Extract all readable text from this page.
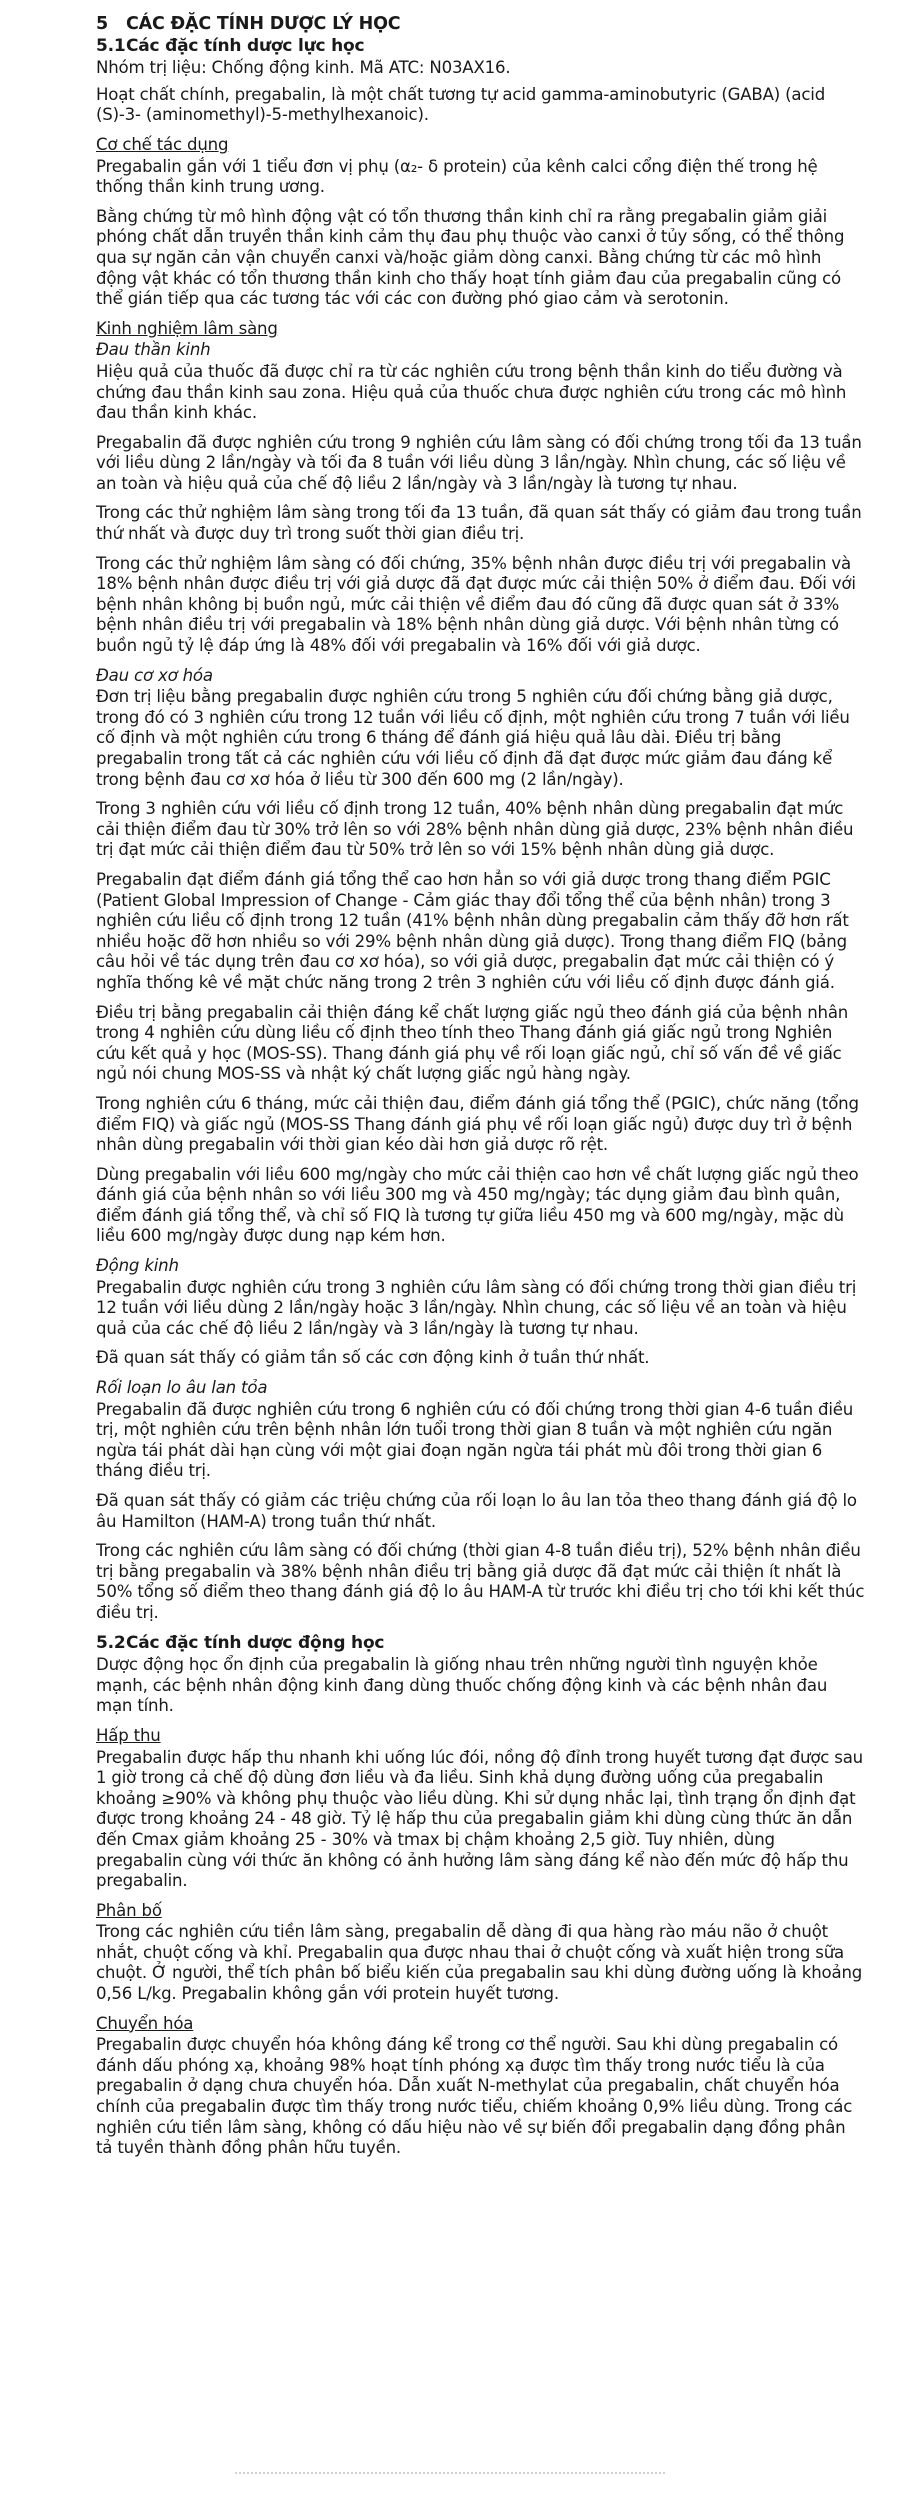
5 CÁC ĐẶC TÍNH DƯỢC LÝ HỌC
5.1Các đặc tính dược lực học
Nhóm trị liệu: Chống động kinh. Mã ATC: N03AX16.
Hoạt chất chính, pregabalin, là một chất tương tự acid gamma-aminobutyric (GABA) (acid (S)-3- (aminomethyl)-5-methylhexanoic).
Cơ chế tác dụng
Pregabalin gắn với 1 tiểu đơn vị phụ (α₂- δ protein) của kênh calci cổng điện thế trong hệ thống thần kinh trung ương.
Bằng chứng từ mô hình động vật có tổn thương thần kinh chỉ ra rằng pregabalin giảm giải phóng chất dẫn truyền thần kinh cảm thụ đau phụ thuộc vào canxi ở tủy sống, có thể thông qua sự ngăn cản vận chuyển canxi và/hoặc giảm dòng canxi. Bằng chứng từ các mô hình động vật khác có tổn thương thần kinh cho thấy hoạt tính giảm đau của pregabalin cũng có thể gián tiếp qua các tương tác với các con đường phó giao cảm và serotonin.
Kinh nghiệm lâm sàng
Đau thần kinh
Hiệu quả của thuốc đã được chỉ ra từ các nghiên cứu trong bệnh thần kinh do tiểu đường và chứng đau thần kinh sau zona. Hiệu quả của thuốc chưa được nghiên cứu trong các mô hình đau thần kinh khác.
Pregabalin đã được nghiên cứu trong 9 nghiên cứu lâm sàng có đối chứng trong tối đa 13 tuần với liều dùng 2 lần/ngày và tối đa 8 tuần với liều dùng 3 lần/ngày. Nhìn chung, các số liệu về an toàn và hiệu quả của chế độ liều 2 lần/ngày và 3 lần/ngày là tương tự nhau.
Trong các thử nghiệm lâm sàng trong tối đa 13 tuần, đã quan sát thấy có giảm đau trong tuần thứ nhất và được duy trì trong suốt thời gian điều trị.
Trong các thử nghiệm lâm sàng có đối chứng, 35% bệnh nhân được điều trị với pregabalin và 18% bệnh nhân được điều trị với giả dược đã đạt được mức cải thiện 50% ở điểm đau. Đối với bệnh nhân không bị buồn ngủ, mức cải thiện về điểm đau đó cũng đã được quan sát ở 33% bệnh nhân điều trị với pregabalin và 18% bệnh nhân dùng giả dược. Với bệnh nhân từng có buồn ngủ tỷ lệ đáp ứng là 48% đối với pregabalin và 16% đối với giả dược.
Đau cơ xơ hóa
Đơn trị liệu bằng pregabalin được nghiên cứu trong 5 nghiên cứu đối chứng bằng giả dược, trong đó có 3 nghiên cứu trong 12 tuần với liều cố định, một nghiên cứu trong 7 tuần với liều cố định và một nghiên cứu trong 6 tháng để đánh giá hiệu quả lâu dài. Điều trị bằng pregabalin trong tất cả các nghiên cứu với liều cố định đã đạt được mức giảm đau đáng kể trong bệnh đau cơ xơ hóa ở liều từ 300 đến 600 mg (2 lần/ngày).
Trong 3 nghiên cứu với liều cố định trong 12 tuần, 40% bệnh nhân dùng pregabalin đạt mức cải thiện điểm đau từ 30% trở lên so với 28% bệnh nhân dùng giả dược, 23% bệnh nhân điều trị đạt mức cải thiện điểm đau từ 50% trở lên so với 15% bệnh nhân dùng giả dược.
Pregabalin đạt điểm đánh giá tổng thể cao hơn hẳn so với giả dược trong thang điểm PGIC (Patient Global Impression of Change - Cảm giác thay đổi tổng thể của bệnh nhân) trong 3 nghiên cứu liều cố định trong 12 tuần (41% bệnh nhân dùng pregabalin cảm thấy đỡ hơn rất nhiều hoặc đỡ hơn nhiều so với 29% bệnh nhân dùng giả dược). Trong thang điểm FIQ (bảng câu hỏi về tác dụng trên đau cơ xơ hóa), so với giả dược, pregabalin đạt mức cải thiện có ý nghĩa thống kê về mặt chức năng trong 2 trên 3 nghiên cứu với liều cố định được đánh giá.
Điều trị bằng pregabalin cải thiện đáng kể chất lượng giấc ngủ theo đánh giá của bệnh nhân trong 4 nghiên cứu dùng liều cố định theo tính theo Thang đánh giá giấc ngủ trong Nghiên cứu kết quả y học (MOS-SS). Thang đánh giá phụ về rối loạn giấc ngủ, chỉ số vấn đề về giấc ngủ nói chung MOS-SS và nhật ký chất lượng giấc ngủ hàng ngày.
Trong nghiên cứu 6 tháng, mức cải thiện đau, điểm đánh giá tổng thể (PGIC), chức năng (tổng điểm FIQ) và giấc ngủ (MOS-SS Thang đánh giá phụ về rối loạn giấc ngủ) được duy trì ở bệnh nhân dùng pregabalin với thời gian kéo dài hơn giả dược rõ rệt.
Dùng pregabalin với liều 600 mg/ngày cho mức cải thiện cao hơn về chất lượng giấc ngủ theo đánh giá của bệnh nhân so với liều 300 mg và 450 mg/ngày; tác dụng giảm đau bình quân, điểm đánh giá tổng thể, và chỉ số FIQ là tương tự giữa liều 450 mg và 600 mg/ngày, mặc dù liều 600 mg/ngày được dung nạp kém hơn.
Động kinh
Pregabalin được nghiên cứu trong 3 nghiên cứu lâm sàng có đối chứng trong thời gian điều trị 12 tuần với liều dùng 2 lần/ngày hoặc 3 lần/ngày. Nhìn chung, các số liệu về an toàn và hiệu quả của các chế độ liều 2 lần/ngày và 3 lần/ngày là tương tự nhau.
Đã quan sát thấy có giảm tần số các cơn động kinh ở tuần thứ nhất.
Rối loạn lo âu lan tỏa
Pregabalin đã được nghiên cứu trong 6 nghiên cứu có đối chứng trong thời gian 4-6 tuần điều trị, một nghiên cứu trên bệnh nhân lớn tuổi trong thời gian 8 tuần và một nghiên cứu ngăn ngừa tái phát dài hạn cùng với một giai đoạn ngăn ngừa tái phát mù đôi trong thời gian 6 tháng điều trị.
Đã quan sát thấy có giảm các triệu chứng của rối loạn lo âu lan tỏa theo thang đánh giá độ lo âu Hamilton (HAM-A) trong tuần thứ nhất.
Trong các nghiên cứu lâm sàng có đối chứng (thời gian 4-8 tuần điều trị), 52% bệnh nhân điều trị bằng pregabalin và 38% bệnh nhân điều trị bằng giả dược đã đạt mức cải thiện ít nhất là 50% tổng số điểm theo thang đánh giá độ lo âu HAM-A từ trước khi điều trị cho tới khi kết thúc điều trị.
5.2Các đặc tính dược động học
Dược động học ổn định của pregabalin là giống nhau trên những người tình nguyện khỏe mạnh, các bệnh nhân động kinh đang dùng thuốc chống động kinh và các bệnh nhân đau mạn tính.
Hấp thu
Pregabalin được hấp thu nhanh khi uống lúc đói, nồng độ đỉnh trong huyết tương đạt được sau 1 giờ trong cả chế độ dùng đơn liều và đa liều. Sinh khả dụng đường uống của pregabalin khoảng ≥90% và không phụ thuộc vào liều dùng. Khi sử dụng nhắc lại, tình trạng ổn định đạt được trong khoảng 24 - 48 giờ. Tỷ lệ hấp thu của pregabalin giảm khi dùng cùng thức ăn dẫn đến Cmax giảm khoảng 25 - 30% và tmax bị chậm khoảng 2,5 giờ. Tuy nhiên, dùng pregabalin cùng với thức ăn không có ảnh hưởng lâm sàng đáng kể nào đến mức độ hấp thu pregabalin.
Phân bố
Trong các nghiên cứu tiền lâm sàng, pregabalin dễ dàng đi qua hàng rào máu não ở chuột nhắt, chuột cống và khỉ. Pregabalin qua được nhau thai ở chuột cống và xuất hiện trong sữa chuột. Ở người, thể tích phân bố biểu kiến của pregabalin sau khi dùng đường uống là khoảng 0,56 L/kg. Pregabalin không gắn với protein huyết tương.
Chuyển hóa
Pregabalin được chuyển hóa không đáng kể trong cơ thể người. Sau khi dùng pregabalin có đánh dấu phóng xạ, khoảng 98% hoạt tính phóng xạ được tìm thấy trong nước tiểu là của pregabalin ở dạng chưa chuyển hóa. Dẫn xuất N-methylat của pregabalin, chất chuyển hóa chính của pregabalin được tìm thấy trong nước tiểu, chiếm khoảng 0,9% liều dùng. Trong các nghiên cứu tiền lâm sàng, không có dấu hiệu nào về sự biến đổi pregabalin dạng đồng phân tả tuyền thành đồng phân hữu tuyền.
